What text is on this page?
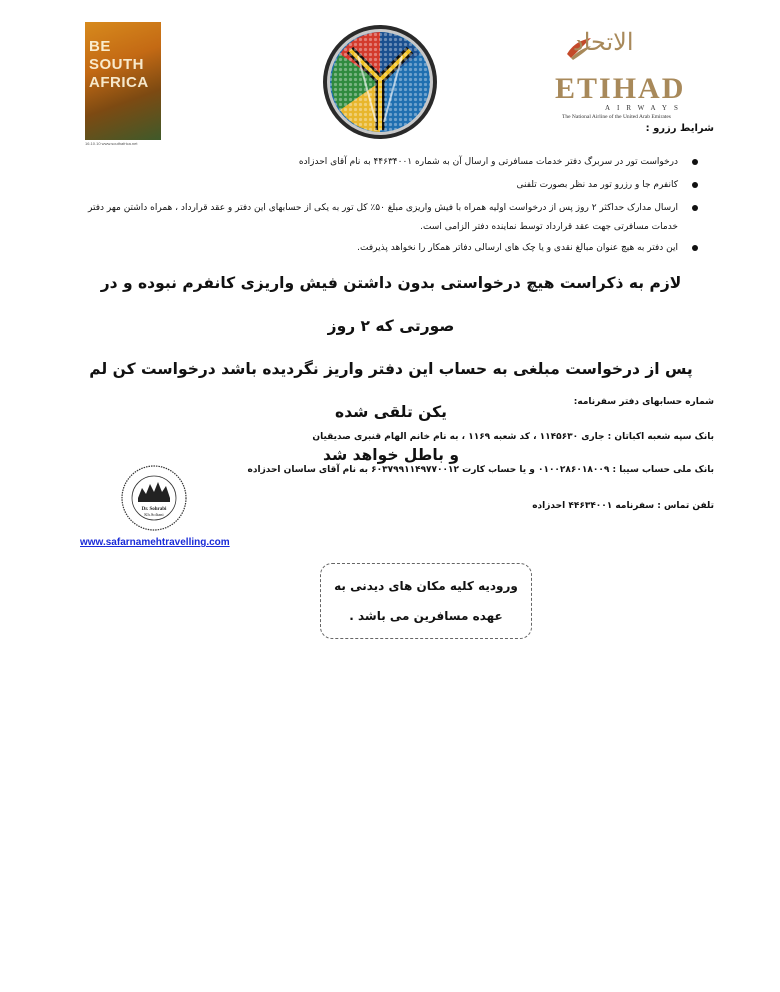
BE
SOUTH
AFRICA
16.10.10 www.southafrica.net
الاتحاد
ETIHAD
AIRWAYS
The National Airline of the United Arab Emirates
شرایط رزرو :
درخواست تور در سربرگ دفتر خدمات مسافرتی و ارسال آن به شماره ۴۴۶۳۴۰۰۱ به نام آقای احدزاده
کانفرم جا و رزرو تور مد نظر بصورت تلفنی
ارسال مدارک حداکثر ۲ روز پس از درخواست اولیه همراه با فیش واریزی مبلغ ۵۰٪ کل تور به یکی از حسابهای این دفتر و عقد قرارداد ، همراه داشتن مهر دفتر
خدمات مسافرتی جهت عقد قرارداد توسط نماینده دفتر الزامی است.
این دفتر به هیچ عنوان مبالغ نقدی و یا چک های ارسالی دفاتر همکار را نخواهد پذیرفت.
لازم به ذکراست هیچ درخواستی بدون داشتن فیش واریزی کانفرم نبوده و در صورتی که ۲ روز
پس از درخواست مبلغی به حساب این دفتر واریز نگردیده باشد درخواست کن لم یکن تلقی شده
و باطل خواهد شد
شماره حسابهای دفتر سفرنامه:
بانک سپه شعبه اکباتان : جاری ۱۱۴۵۶۳۰ ، کد شعبه ۱۱۶۹ ، به نام خانم الهام قنبری صدیقیان
بانک ملی حساب سیبا : ۰۱۰۰۲۸۶۰۱۸۰۰۹ و یا حساب کارت ۶۰۳۷۹۹۱۱۴۹۷۷۰۰۱۲ به نام آقای ساسان احدزاده
تلفن تماس : سفرنامه ۴۴۶۳۴۰۰۱ احدزاده
Dr. Sohrabi
Kh.Soltani
www.safarnamehtravelling.com
ورودیه کلیه مکان های دیدنی به
عهده مسافرین می باشد .
